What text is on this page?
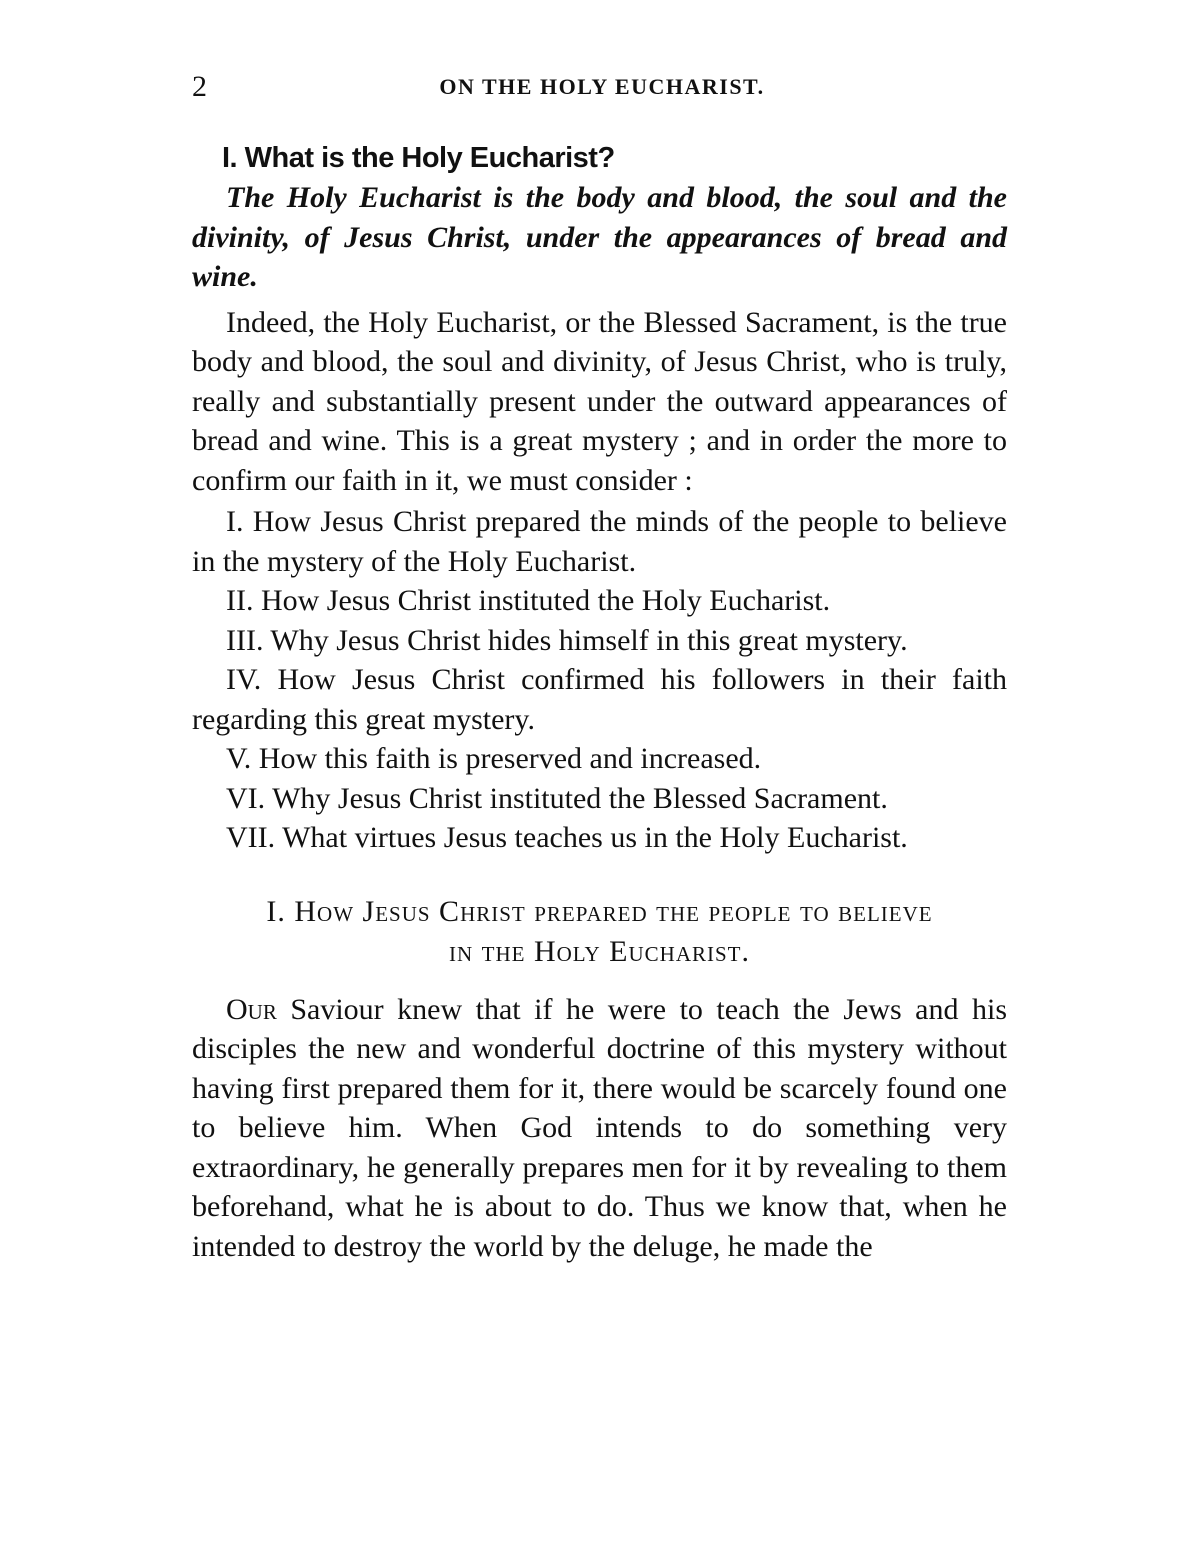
2	ON THE HOLY EUCHARIST.
I. What is the Holy Eucharist?

The Holy Eucharist is the body and blood, the soul and the divinity, of Jesus Christ, under the appearances of bread and wine.

Indeed, the Holy Eucharist, or the Blessed Sacrament, is the true body and blood, the soul and divinity, of Jesus Christ, who is truly, really and substantially present under the outward appearances of bread and wine. This is a great mystery ; and in order the more to confirm our faith in it, we must consider :

I. How Jesus Christ prepared the minds of the people to believe in the mystery of the Holy Eucharist.

II. How Jesus Christ instituted the Holy Eucharist.

III. Why Jesus Christ hides himself in this great mystery.

IV. How Jesus Christ confirmed his followers in their faith regarding this great mystery.

V. How this faith is preserved and increased.

VI. Why Jesus Christ instituted the Blessed Sacrament.

VII. What virtues Jesus teaches us in the Holy Eucharist.

I. How Jesus Christ prepared the people to believe
in the Holy Eucharist.

Our Saviour knew that if he were to teach the Jews and his disciples the new and wonderful doctrine of this mystery without having first prepared them for it, there would be scarcely found one to believe him. When God intends to do something very extraordinary, he generally prepares men for it by revealing to them beforehand, what he is about to do. Thus we know that, when he intended to destroy the world by the deluge, he made the
